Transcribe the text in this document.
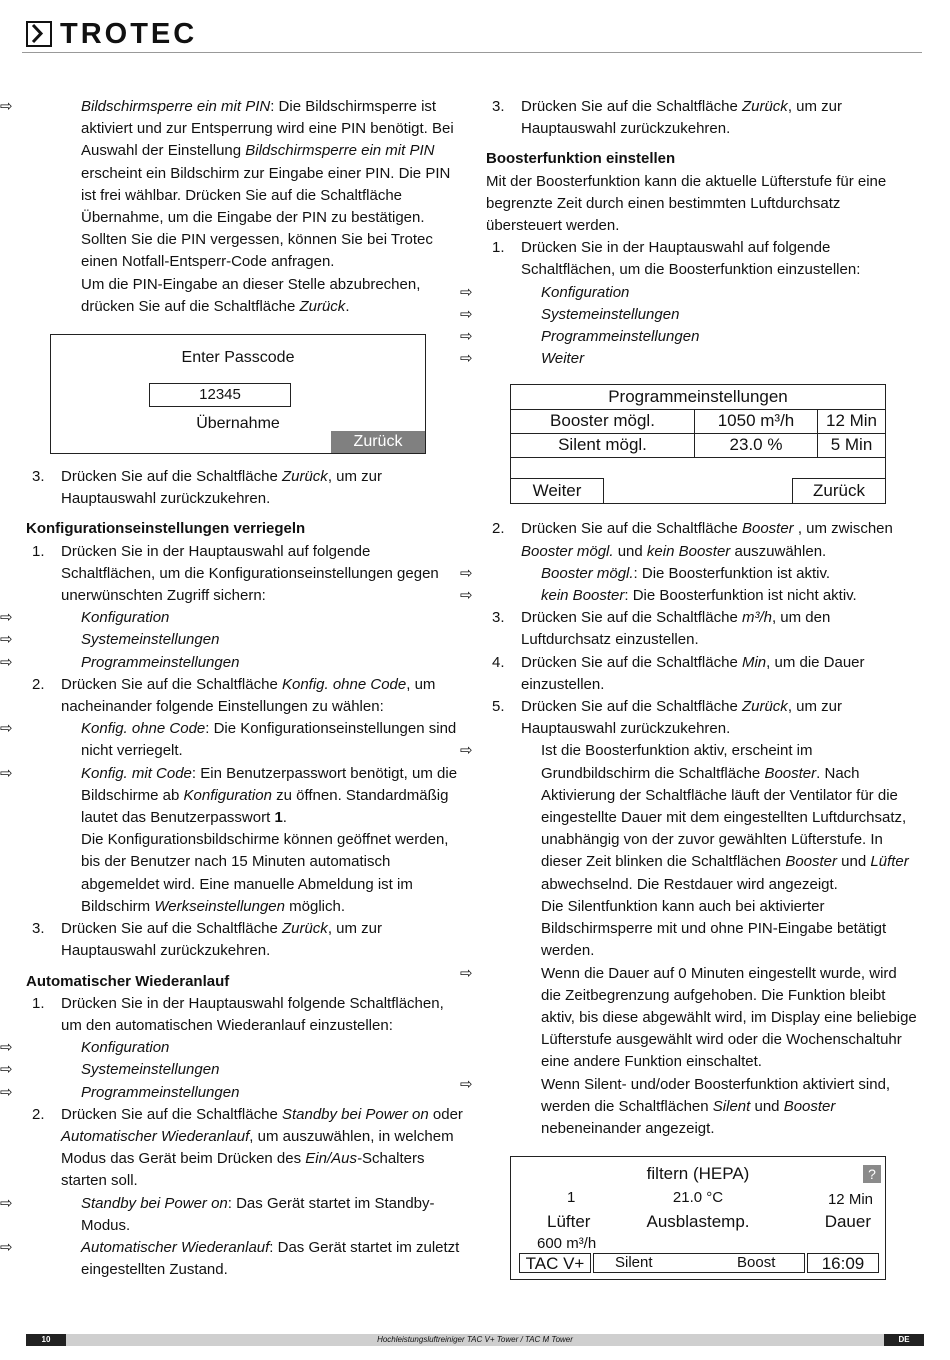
TROTEC

⇨	Bildschirmsperre ein mit PIN: Die Bildschirmsperre ist aktiviert und zur Entsperrung wird eine PIN benötigt. Bei Auswahl der Einstellung Bildschirmsperre ein mit PIN erscheint ein Bildschirm zur Eingabe einer PIN. Die PIN ist frei wählbar. Drücken Sie auf die Schaltfläche Übernahme, um die Eingabe der PIN zu bestätigen. Sollten Sie die PIN vergessen, können Sie bei Trotec einen Notfall-Entsperr-Code anfragen.
Um die PIN-Eingabe an dieser Stelle abzubrechen, drücken Sie auf die Schaltfläche Zurück.

Enter Passcode
12345
Übernahme
Zurück

3. Drücken Sie auf die Schaltfläche Zurück, um zur Hauptauswahl zurückzukehren.

Konfigurationseinstellungen verriegeln

1. Drücken Sie in der Hauptauswahl auf folgende Schaltflächen, um die Konfigurationseinstellungen gegen unerwünschten Zugriff sichern:

⇨	Konfiguration

⇨	Systemeinstellungen

⇨	Programmeinstellungen

2. Drücken Sie auf die Schaltfläche Konfig. ohne Code, um nacheinander folgende Einstellungen zu wählen:

⇨	Konfig. ohne Code: Die Konfigurationseinstellungen sind nicht verriegelt.

⇨	Konfig. mit Code: Ein Benutzerpasswort benötigt, um die Bildschirme ab Konfiguration zu öffnen. Standardmäßig lautet das Benutzerpasswort 1.
Die Konfigurationsbildschirme können geöffnet werden, bis der Benutzer nach 15 Minuten automatisch abgemeldet wird. Eine manuelle Abmeldung ist im Bildschirm Werkseinstellungen möglich.

3. Drücken Sie auf die Schaltfläche Zurück, um zur Hauptauswahl zurückzukehren.

Automatischer Wiederanlauf

1. Drücken Sie in der Hauptauswahl folgende Schaltflächen, um den automatischen Wiederanlauf einzustellen:

⇨	Konfiguration

⇨	Systemeinstellungen

⇨	Programmeinstellungen

2. Drücken Sie auf die Schaltfläche Standby bei Power on oder Automatischer Wiederanlauf, um auszuwählen, in welchem Modus das Gerät beim Drücken des Ein/Aus-Schalters starten soll.

⇨	Standby bei Power on: Das Gerät startet im Standby-Modus.

⇨	Automatischer Wiederanlauf: Das Gerät startet im zuletzt eingestellten Zustand.

3. Drücken Sie auf die Schaltfläche Zurück, um zur Hauptauswahl zurückzukehren.

Boosterfunktion einstellen

Mit der Boosterfunktion kann die aktuelle Lüfterstufe für eine begrenzte Zeit durch einen bestimmten Luftdurchsatz übersteuert werden.

1. Drücken Sie in der Hauptauswahl auf folgende Schaltflächen, um die Boosterfunktion einzustellen:

⇨	Konfiguration

⇨	Systemeinstellungen

⇨	Programmeinstellungen

⇨	Weiter

Programmeinstellungen
Booster mögl.	1050 m³/h	12 Min
Silent mögl.	23.0 %	5 Min
Weiter	Zurück

2. Drücken Sie auf die Schaltfläche Booster , um zwischen Booster mögl. und kein Booster auszuwählen.

⇨	Booster mögl.: Die Boosterfunktion ist aktiv.

⇨	kein Booster: Die Boosterfunktion ist nicht aktiv.

3. Drücken Sie auf die Schaltfläche m³/h, um den Luftdurchsatz einzustellen.

4. Drücken Sie auf die Schaltfläche Min, um die Dauer einzustellen.

5. Drücken Sie auf die Schaltfläche Zurück, um zur Hauptauswahl zurückzukehren.

⇨	Ist die Boosterfunktion aktiv, erscheint im Grundbildschirm die Schaltfläche Booster. Nach Aktivierung der Schaltfläche läuft der Ventilator für die eingestellte Dauer mit dem eingestellten Luftdurchsatz, unabhängig von der zuvor gewählten Lüfterstufe. In dieser Zeit blinken die Schaltflächen Booster und Lüfter abwechselnd. Die Restdauer wird angezeigt.
Die Silentfunktion kann auch bei aktivierter Bildschirmsperre mit und ohne PIN-Eingabe betätigt werden.

⇨	Wenn die Dauer auf 0 Minuten eingestellt wurde, wird die Zeitbegrenzung aufgehoben. Die Funktion bleibt aktiv, bis diese abgewählt wird, im Display eine beliebige Lüfterstufe ausgewählt wird oder die Wochenschaltuhr eine andere Funktion einschaltet.

⇨	Wenn Silent- und/oder Boosterfunktion aktiviert sind, werden die Schaltflächen Silent und Booster nebeneinander angezeigt.

filtern (HEPA)	?
1	21.0 °C	12 Min
Lüfter	Ausblastemp.	Dauer
600 m³/h
TAC V+	Silent	Boost	16:09
Hochleistungsluftreiniger TAC V+ Tower / TAC M Tower
10	DE
